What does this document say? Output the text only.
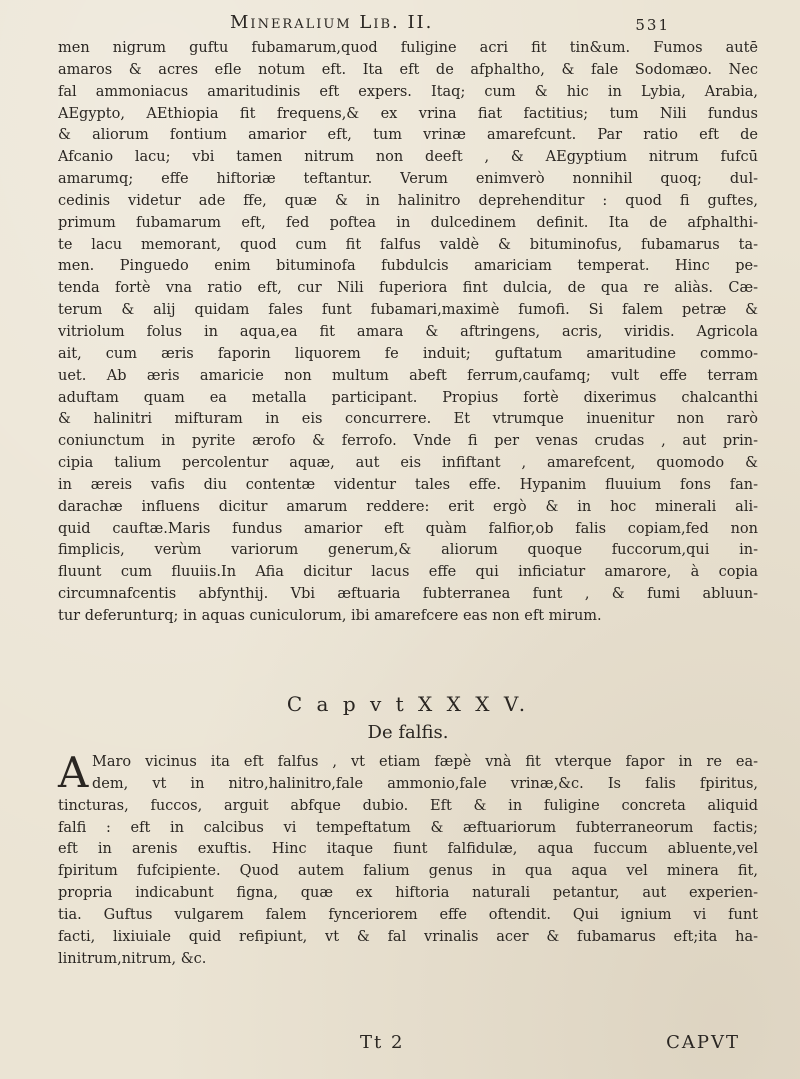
Mineralium Lib. II.	531
men nigrum guftu fubamarum,quod fuligine acri fit tin&um. Fumos autē
amaros & acres efle notum eft. Ita eft de afphaltho, & fale Sodomæo. Nec
fal ammoniacus amaritudinis eft expers. Itaq; cum & hic in Lybia, Arabia,
AEgypto, AEthiopia fit frequens,& ex vrina fiat factitius; tum Nili fundus
& aliorum fontium amarior eft, tum vrinæ amarefcunt. Par ratio eft de
Afcanio lacu; vbi tamen nitrum non deeft , & AEgyptium nitrum fufcū
amarumq; effe hiftoriæ teftantur. Verum enimverò nonnihil quoq; dul-
cedinis videtur ade ffe, quæ & in halinitro deprehenditur : quod fi guftes,
primum fubamarum eft, fed poftea in dulcedinem definit. Ita de afphalthi-
te lacu memorant, quod cum fit falfus valdè & bituminofus, fubamarus ta-
men. Pinguedo enim bituminofa fubdulcis amariciam temperat. Hinc pe-
tenda fortè vna ratio eft, cur Nili fuperiora fint dulcia, de qua re aliàs. Cæ-
terum & alij quidam fales funt fubamari,maximè fumofi. Si falem petræ &
vitriolum folus in aqua,ea fit amara & aftringens, acris, viridis. Agricola
ait, cum æris faporin liquorem fe induit; guftatum amaritudine commo-
uet. Ab æris amaricie non multum abeft ferrum,caufamq; vult effe terram
aduftam quam ea metalla participant. Propius fortè dixerimus chalcanthi
& halinitri mifturam in eis concurrere. Et vtrumque inuenitur non rarò
coniunctum in pyrite ærofo & ferrofo. Vnde fi per venas crudas , aut prin-
cipia talium percolentur aquæ, aut eis infiftant , amarefcent, quomodo &
in æreis vafis diu contentæ videntur tales effe. Hypanim fluuium fons fan-
darachæ influens dicitur amarum reddere: erit ergò & in hoc minerali ali-
quid cauftæ.Maris fundus amarior eft quàm falfior,ob falis copiam,fed non
fimplicis, verùm variorum generum,& aliorum quoque fuccorum,qui in-
fluunt cum fluuiis.In Afia dicitur lacus effe qui inficiatur amarore, à copia
circumnafcentis abfynthij. Vbi æftuaria fubterranea funt , & fumi abluun-
tur deferunturq; in aquas cuniculorum, ibi amarefcere eas non eft mirum.
C a p v t X X X V.
De falfis.
A Maro vicinus ita eft falfus , vt etiam fæpè vnà fit vterque fapor in re ea-
dem, vt in nitro,halinitro,fale ammonio,fale vrinæ,&c. Is falis fpiritus,
tincturas, fuccos, arguit abfque dubio. Eft & in fuligine concreta aliquid
falfi : eft in calcibus vi tempeftatum & æftuariorum fubterraneorum factis;
eft in arenis exuftis. Hinc itaque fiunt falfidulæ, aqua fuccum abluente,vel
fpiritum fufcipiente. Quod autem falium genus in qua aqua vel minera fit,
propria indicabunt figna, quæ ex hiftoria naturali petantur, aut experien-
tia. Guftus vulgarem falem fynceriorem effe oftendit. Qui ignium vi funt
facti, lixiuiale quid refipiunt, vt & fal vrinalis acer & fubamarus eft;ita ha-
linitrum,nitrum, &c.
Tt 2	CAPVT
